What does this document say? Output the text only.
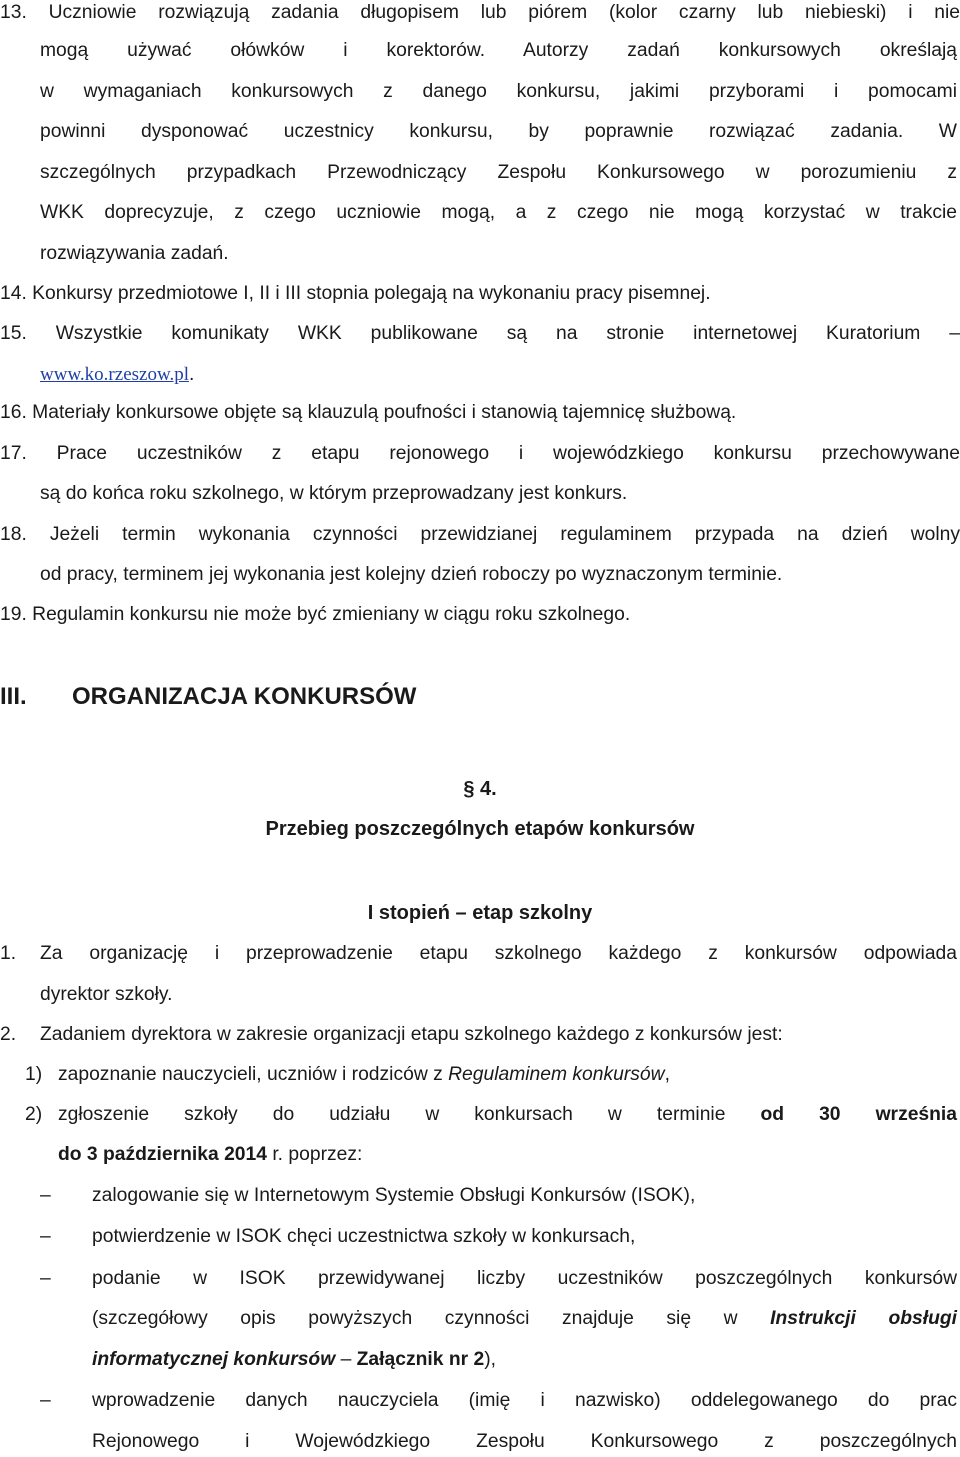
13. Uczniowie rozwiązują zadania długopisem lub piórem (kolor czarny lub niebieski) i nie
mogą używać ołówków i korektorów. Autorzy zadań konkursowych określają
w wymaganiach konkursowych z danego konkursu, jakimi przyborami i pomocami
powinni dysponować uczestnicy konkursu, by poprawnie rozwiązać zadania. W
szczególnych przypadkach Przewodniczący Zespołu Konkursowego w porozumieniu z
WKK doprecyzuje, z czego uczniowie mogą, a z czego nie mogą korzystać w trakcie
rozwiązywania zadań.
14. Konkursy przedmiotowe I, II i III stopnia polegają na wykonaniu pracy pisemnej.
15. Wszystkie komunikaty WKK publikowane są na stronie internetowej Kuratorium –
www.ko.rzeszow.pl.
16. Materiały konkursowe objęte są klauzulą poufności i stanowią tajemnicę służbową.
17. Prace uczestników z etapu rejonowego i wojewódzkiego konkursu przechowywane
są do końca roku szkolnego, w którym przeprowadzany jest konkurs.
18. Jeżeli termin wykonania czynności przewidzianej regulaminem przypada na dzień wolny
od pracy, terminem jej wykonania jest kolejny dzień roboczy po wyznaczonym terminie.
19. Regulamin konkursu nie może być zmieniany w ciągu roku szkolnego.
III. ORGANIZACJA KONKURSÓW
§ 4.
Przebieg poszczególnych etapów konkursów
I stopień – etap szkolny
1. Za organizację i przeprowadzenie etapu szkolnego każdego z konkursów odpowiada
dyrektor szkoły.
2. Zadaniem dyrektora w zakresie organizacji etapu szkolnego każdego z konkursów jest:
1) zapoznanie nauczycieli, uczniów i rodziców z Regulaminem konkursów,
2) zgłoszenie szkoły do udziału w konkursach w terminie od 30 września
do 3 października 2014 r. poprzez:
– zalogowanie się w Internetowym Systemie Obsługi Konkursów (ISOK),
– potwierdzenie w ISOK chęci uczestnictwa szkoły w konkursach,
– podanie w ISOK przewidywanej liczby uczestników poszczególnych konkursów
(szczegółowy opis powyższych czynności znajduje się w Instrukcji obsługi
informatycznej konkursów – Załącznik nr 2),
– wprowadzenie danych nauczyciela (imię i nazwisko) oddelegowanego do prac
Rejonowego i Wojewódzkiego Zespołu Konkursowego z poszczególnych
